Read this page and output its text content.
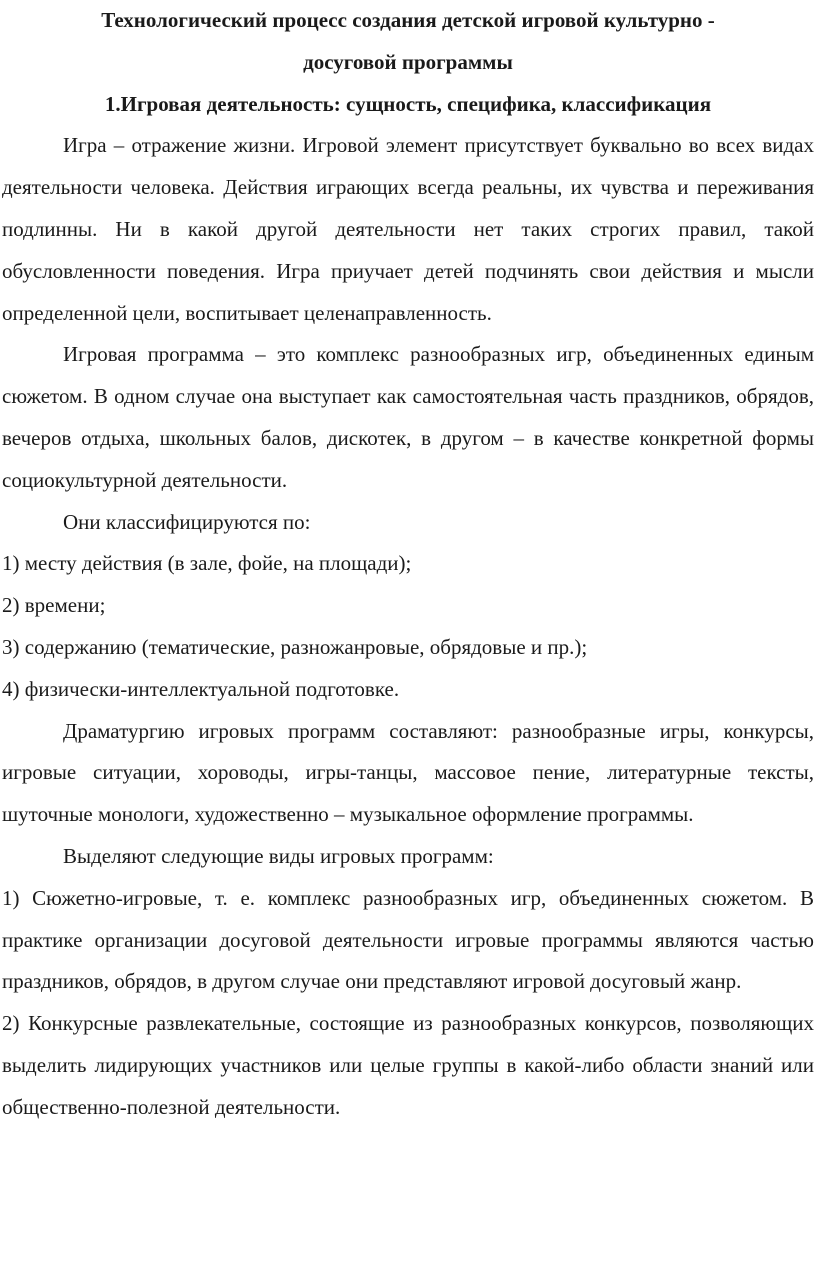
Технологический процесс создания детской игровой культурно -

досуговой программы

1.Игровая деятельность: сущность, специфика, классификация

Игра – отражение жизни. Игровой элемент присутствует буквально во всех видах деятельности человека. Действия играющих всегда реальны, их чувства и переживания подлинны. Ни в какой другой деятельности нет таких строгих правил, такой обусловленности поведения. Игра приучает детей подчинять свои действия и мысли определенной цели, воспитывает целенаправленность.

Игровая программа – это комплекс разнообразных игр, объединенных единым сюжетом. В одном случае она выступает как самостоятельная часть праздников, обрядов, вечеров отдыха, школьных балов, дискотек, в другом – в качестве конкретной формы социокультурной деятельности.

Они классифицируются по:

1) месту действия (в зале, фойе, на площади);

2) времени;

3) содержанию (тематические, разножанровые, обрядовые и пр.);

4) физически-интеллектуальной подготовке.

Драматургию игровых программ составляют: разнообразные игры, конкурсы, игровые ситуации, хороводы, игры-танцы, массовое пение, литературные тексты, шуточные монологи, художественно – музыкальное оформление программы.

Выделяют следующие виды игровых программ:

1) Сюжетно-игровые, т. е. комплекс разнообразных игр, объединенных сюжетом. В практике организации досуговой деятельности игровые программы являются частью праздников, обрядов, в другом случае они представляют игровой досуговый жанр.

2) Конкурсные развлекательные, состоящие из разнообразных конкурсов, позволяющих выделить лидирующих участников или целые группы в какой-либо области знаний или общественно-полезной деятельности.
